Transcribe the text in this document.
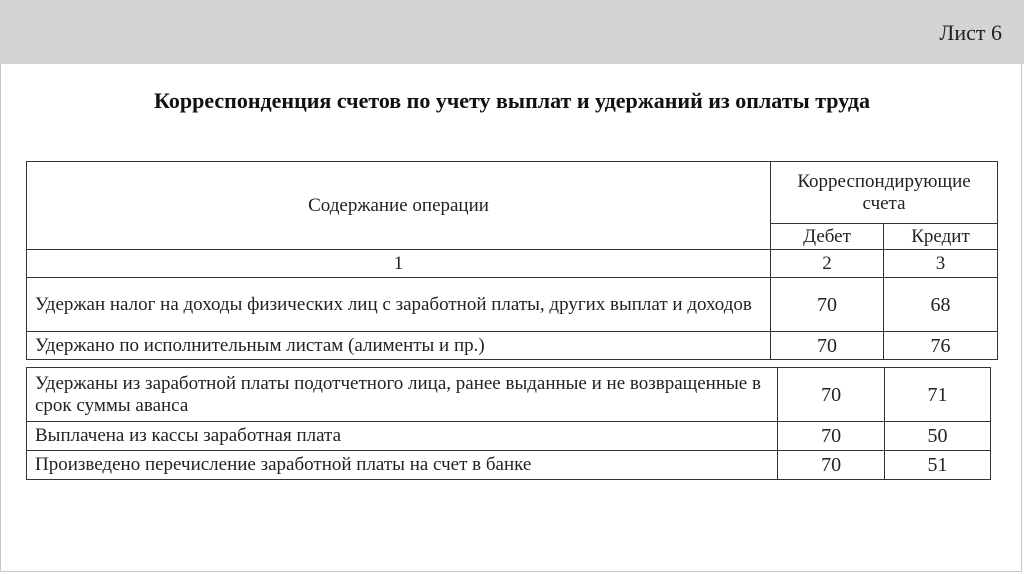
Лист 6
Корреспонденция счетов по учету выплат и удержаний из оплаты труда
Содержание операции	Корреспондирующие счета	
	Дебет	Кредит
1	2	3
Удержан налог на доходы физических лиц с заработной платы, других выплат и доходов	70	68
Удержано по исполнительным листам (алименты и пр.)	70	76
Удержаны из заработной платы подотчетного лица, ранее выданные и не возвращенные в срок суммы аванса	70	71
Выплачена из кассы заработная плата	70	50
Произведено перечисление заработной платы на счет в банке	70	51
